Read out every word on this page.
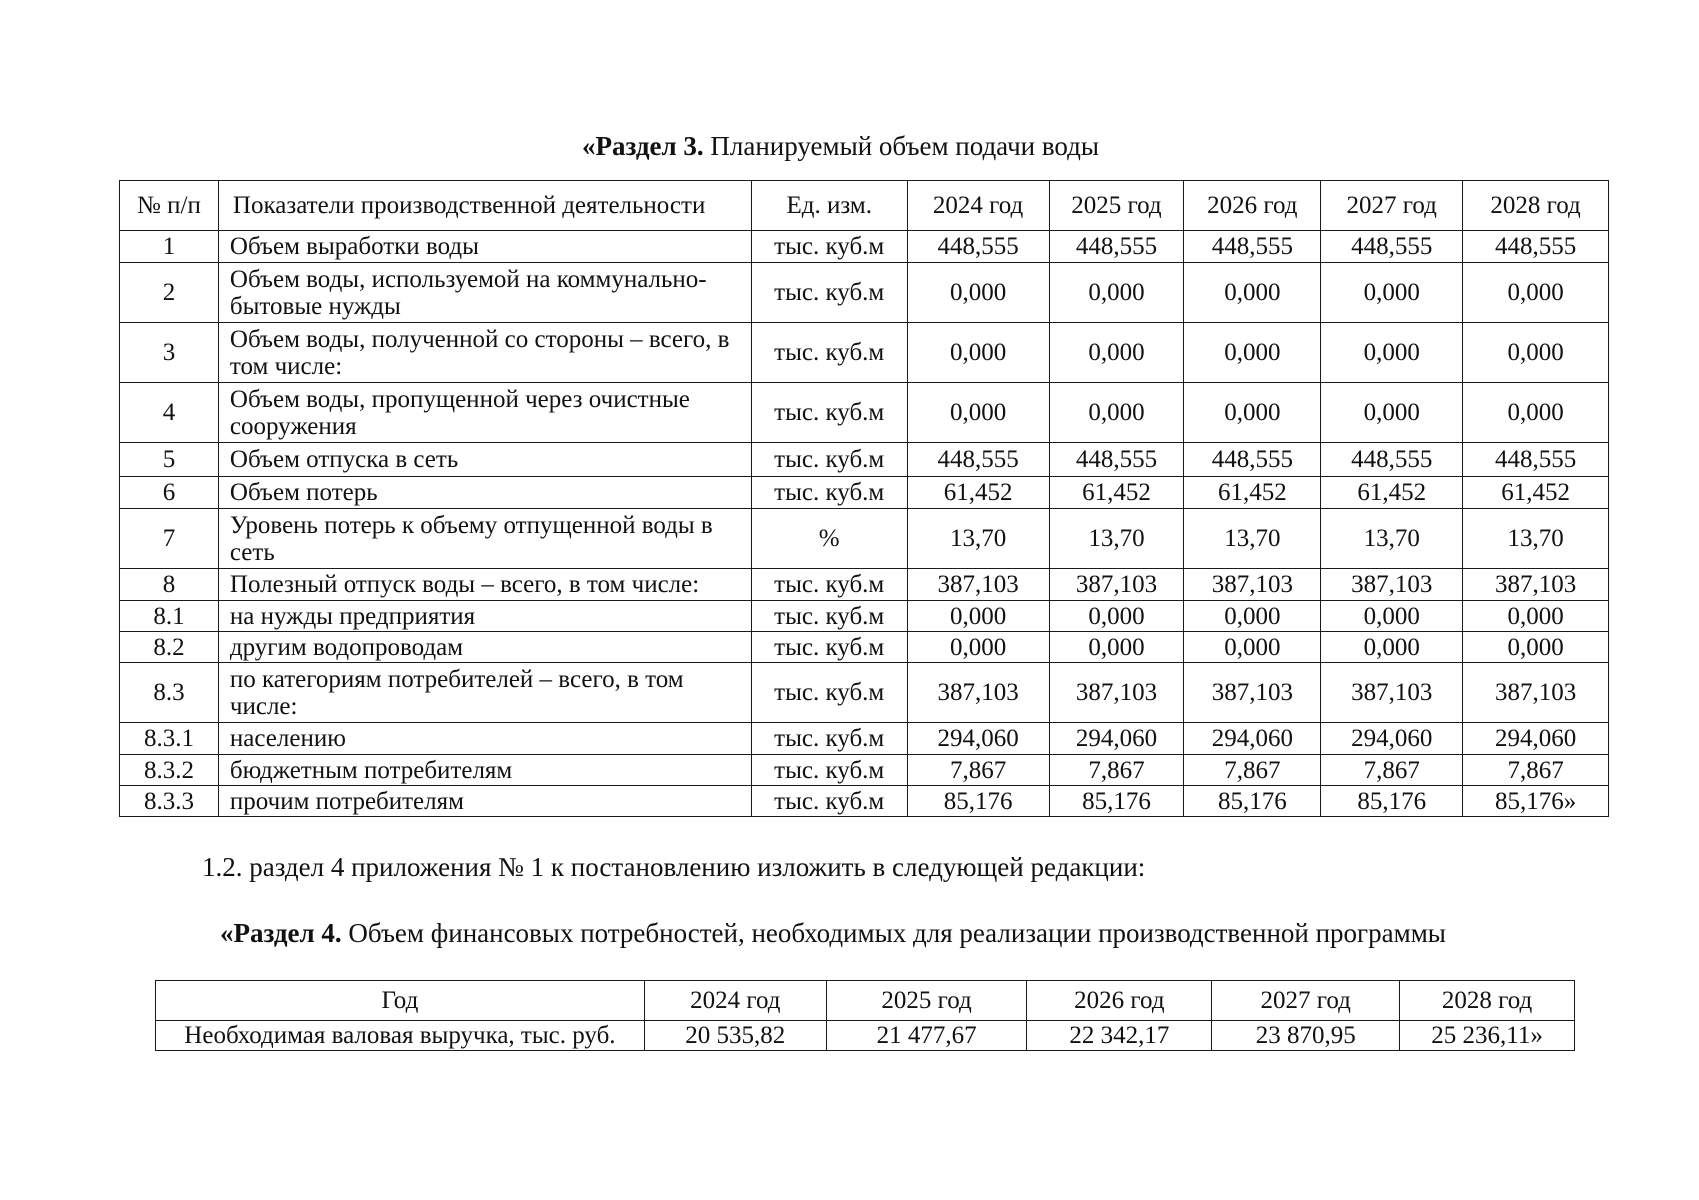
«Раздел 3. Планируемый объем подачи воды
№ п/п	Показатели производственной деятельности	Ед. изм.	2024 год	2025 год	2026 год	2027 год	2028 год
1	Объем выработки воды	тыс. куб.м	448,555	448,555	448,555	448,555	448,555
2	Объем воды, используемой на коммунально-бытовые нужды	тыс. куб.м	0,000	0,000	0,000	0,000	0,000
3	Объем воды, полученной со стороны – всего, в том числе:	тыс. куб.м	0,000	0,000	0,000	0,000	0,000
4	Объем воды, пропущенной через очистные сооружения	тыс. куб.м	0,000	0,000	0,000	0,000	0,000
5	Объем отпуска в сеть	тыс. куб.м	448,555	448,555	448,555	448,555	448,555
6	Объем потерь	тыс. куб.м	61,452	61,452	61,452	61,452	61,452
7	Уровень потерь к объему отпущенной воды в сеть	%	13,70	13,70	13,70	13,70	13,70
8	Полезный отпуск воды – всего, в том числе:	тыс. куб.м	387,103	387,103	387,103	387,103	387,103
8.1	на нужды предприятия	тыс. куб.м	0,000	0,000	0,000	0,000	0,000
8.2	другим водопроводам	тыс. куб.м	0,000	0,000	0,000	0,000	0,000
8.3	по категориям потребителей – всего, в том числе:	тыс. куб.м	387,103	387,103	387,103	387,103	387,103
8.3.1	населению	тыс. куб.м	294,060	294,060	294,060	294,060	294,060
8.3.2	бюджетным потребителям	тыс. куб.м	7,867	7,867	7,867	7,867	7,867
8.3.3	прочим потребителям	тыс. куб.м	85,176	85,176	85,176	85,176	85,176»
1.2. раздел 4 приложения № 1 к постановлению изложить в следующей редакции:
«Раздел 4. Объем финансовых потребностей, необходимых для реализации производственной программы
Год	2024 год	2025 год	2026 год	2027 год	2028 год
Необходимая валовая выручка, тыс. руб.	20 535,82	21 477,67	22 342,17	23 870,95	25 236,11»
